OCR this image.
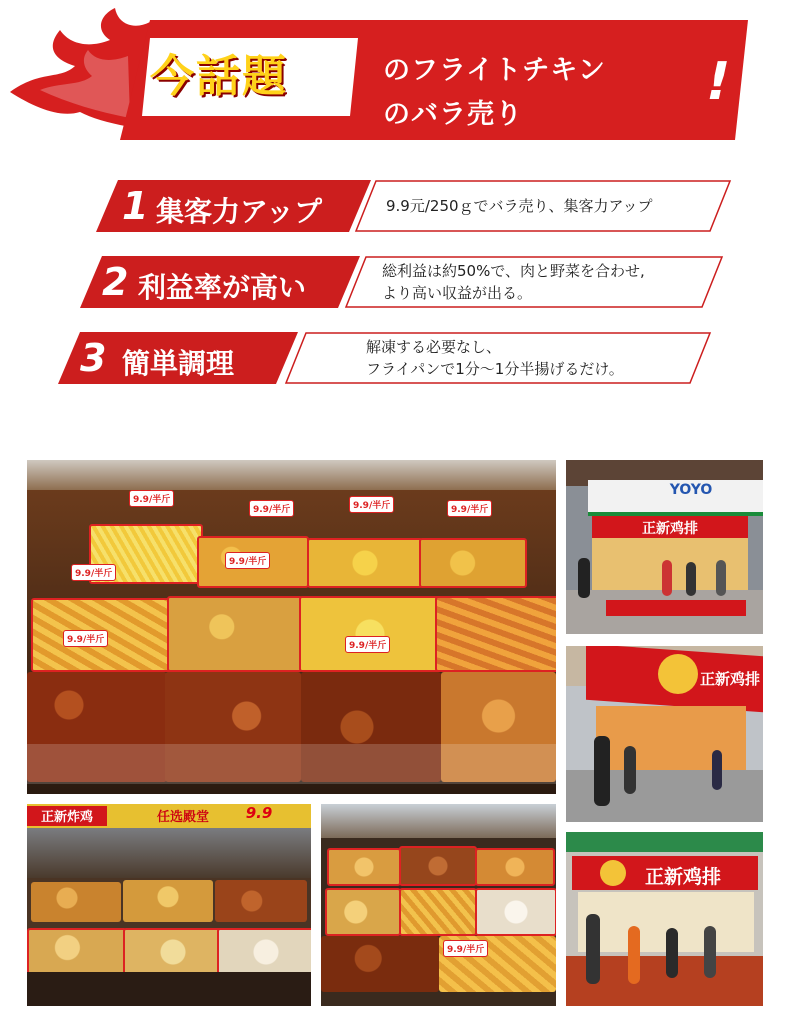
今話題	のフライトチキン
のバラ売り
!
1 集客力アップ	9.9元/250ｇでバラ売り、集客力アップ
2 利益率が高い	総利益は約50%で、肉と野菜を合わせ,
より高い収益が出る。
3 簡単調理	解凍する必要なし、
フライパンで1分〜1分半揚げるだけ。
9.9/半斤
9.9/半斤	9.9/半斤	9.9/半斤
9.9/半斤
9.9/半斤
9.9/半斤
9.9/半斤
YOYO
正新鸡排
正新鸡排
正新炸鸡	任选殿堂	9.9
9.9/半斤
正新鸡排
